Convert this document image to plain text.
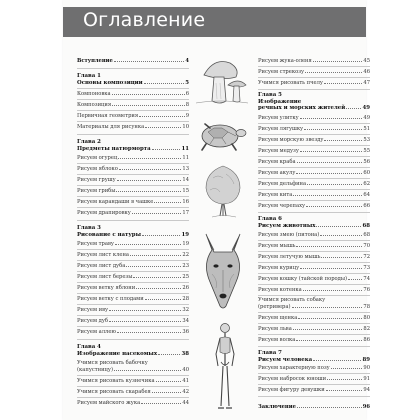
Оглавление
Вступление	4
Глава 1
Основы композиции	5
Компоновка	6
Композиция	8
Первичная геометрия	9
Материалы для рисунка	10
Глава 2
Предметы натюрморта	11
Рисуем огурец	11
Рисуем яблоко	13
Рисуем грушу	14
Рисуем грибы	15
Рисуем карандаши в чашке	16
Рисуем драпировку	17
Глава 3
Рисование с натуры	19
Рисуем траву	19
Рисуем лист клена	22
Рисуем лист дуба	23
Рисуем лист березы	25
Рисуем ветку яблони	26
Рисуем ветку с плодами	28
Рисуем иву	32
Рисуем дуб	34
Рисуем аллею	36
Глава 4
Изображение насекомых	38
Учимся рисовать бабочку
(капустницу)	40
Учимся рисовать кузнечика	41
Учимся рисовать скарабея	42
Рисуем майского жука	44
Рисуем жука-оленя	45
Рисуем стрекозу	46
Учимся рисовать пчелу	47
Глава 5
Изображение
речных и морских жителей	49
Рисуем улитку	49
Рисуем лягушку	51
Рисуем морскую звезду	53
Рисуем медузу	55
Рисуем краба	56
Рисуем акулу	60
Рисуем дельфина	62
Рисуем кита	64
Рисуем черепаху	66
Глава 6
Рисуем животных	68
Рисуем змею (питона)	68
Рисуем мышь	70
Рисуем летучую мышь	72
Рисуем курицу	73
Рисуем кошку (тайской породы)	74
Рисуем котенка	76
Учимся рисовать собаку
(ретривера)	78
Рисуем щенка	80
Рисуем льва	82
Рисуем волка	86
Глава 7
Рисуем человека	89
Рисуем характерную позу	90
Рисуем набросок юноши	91
Рисуем фигуру девушки	94
Заключение	96
